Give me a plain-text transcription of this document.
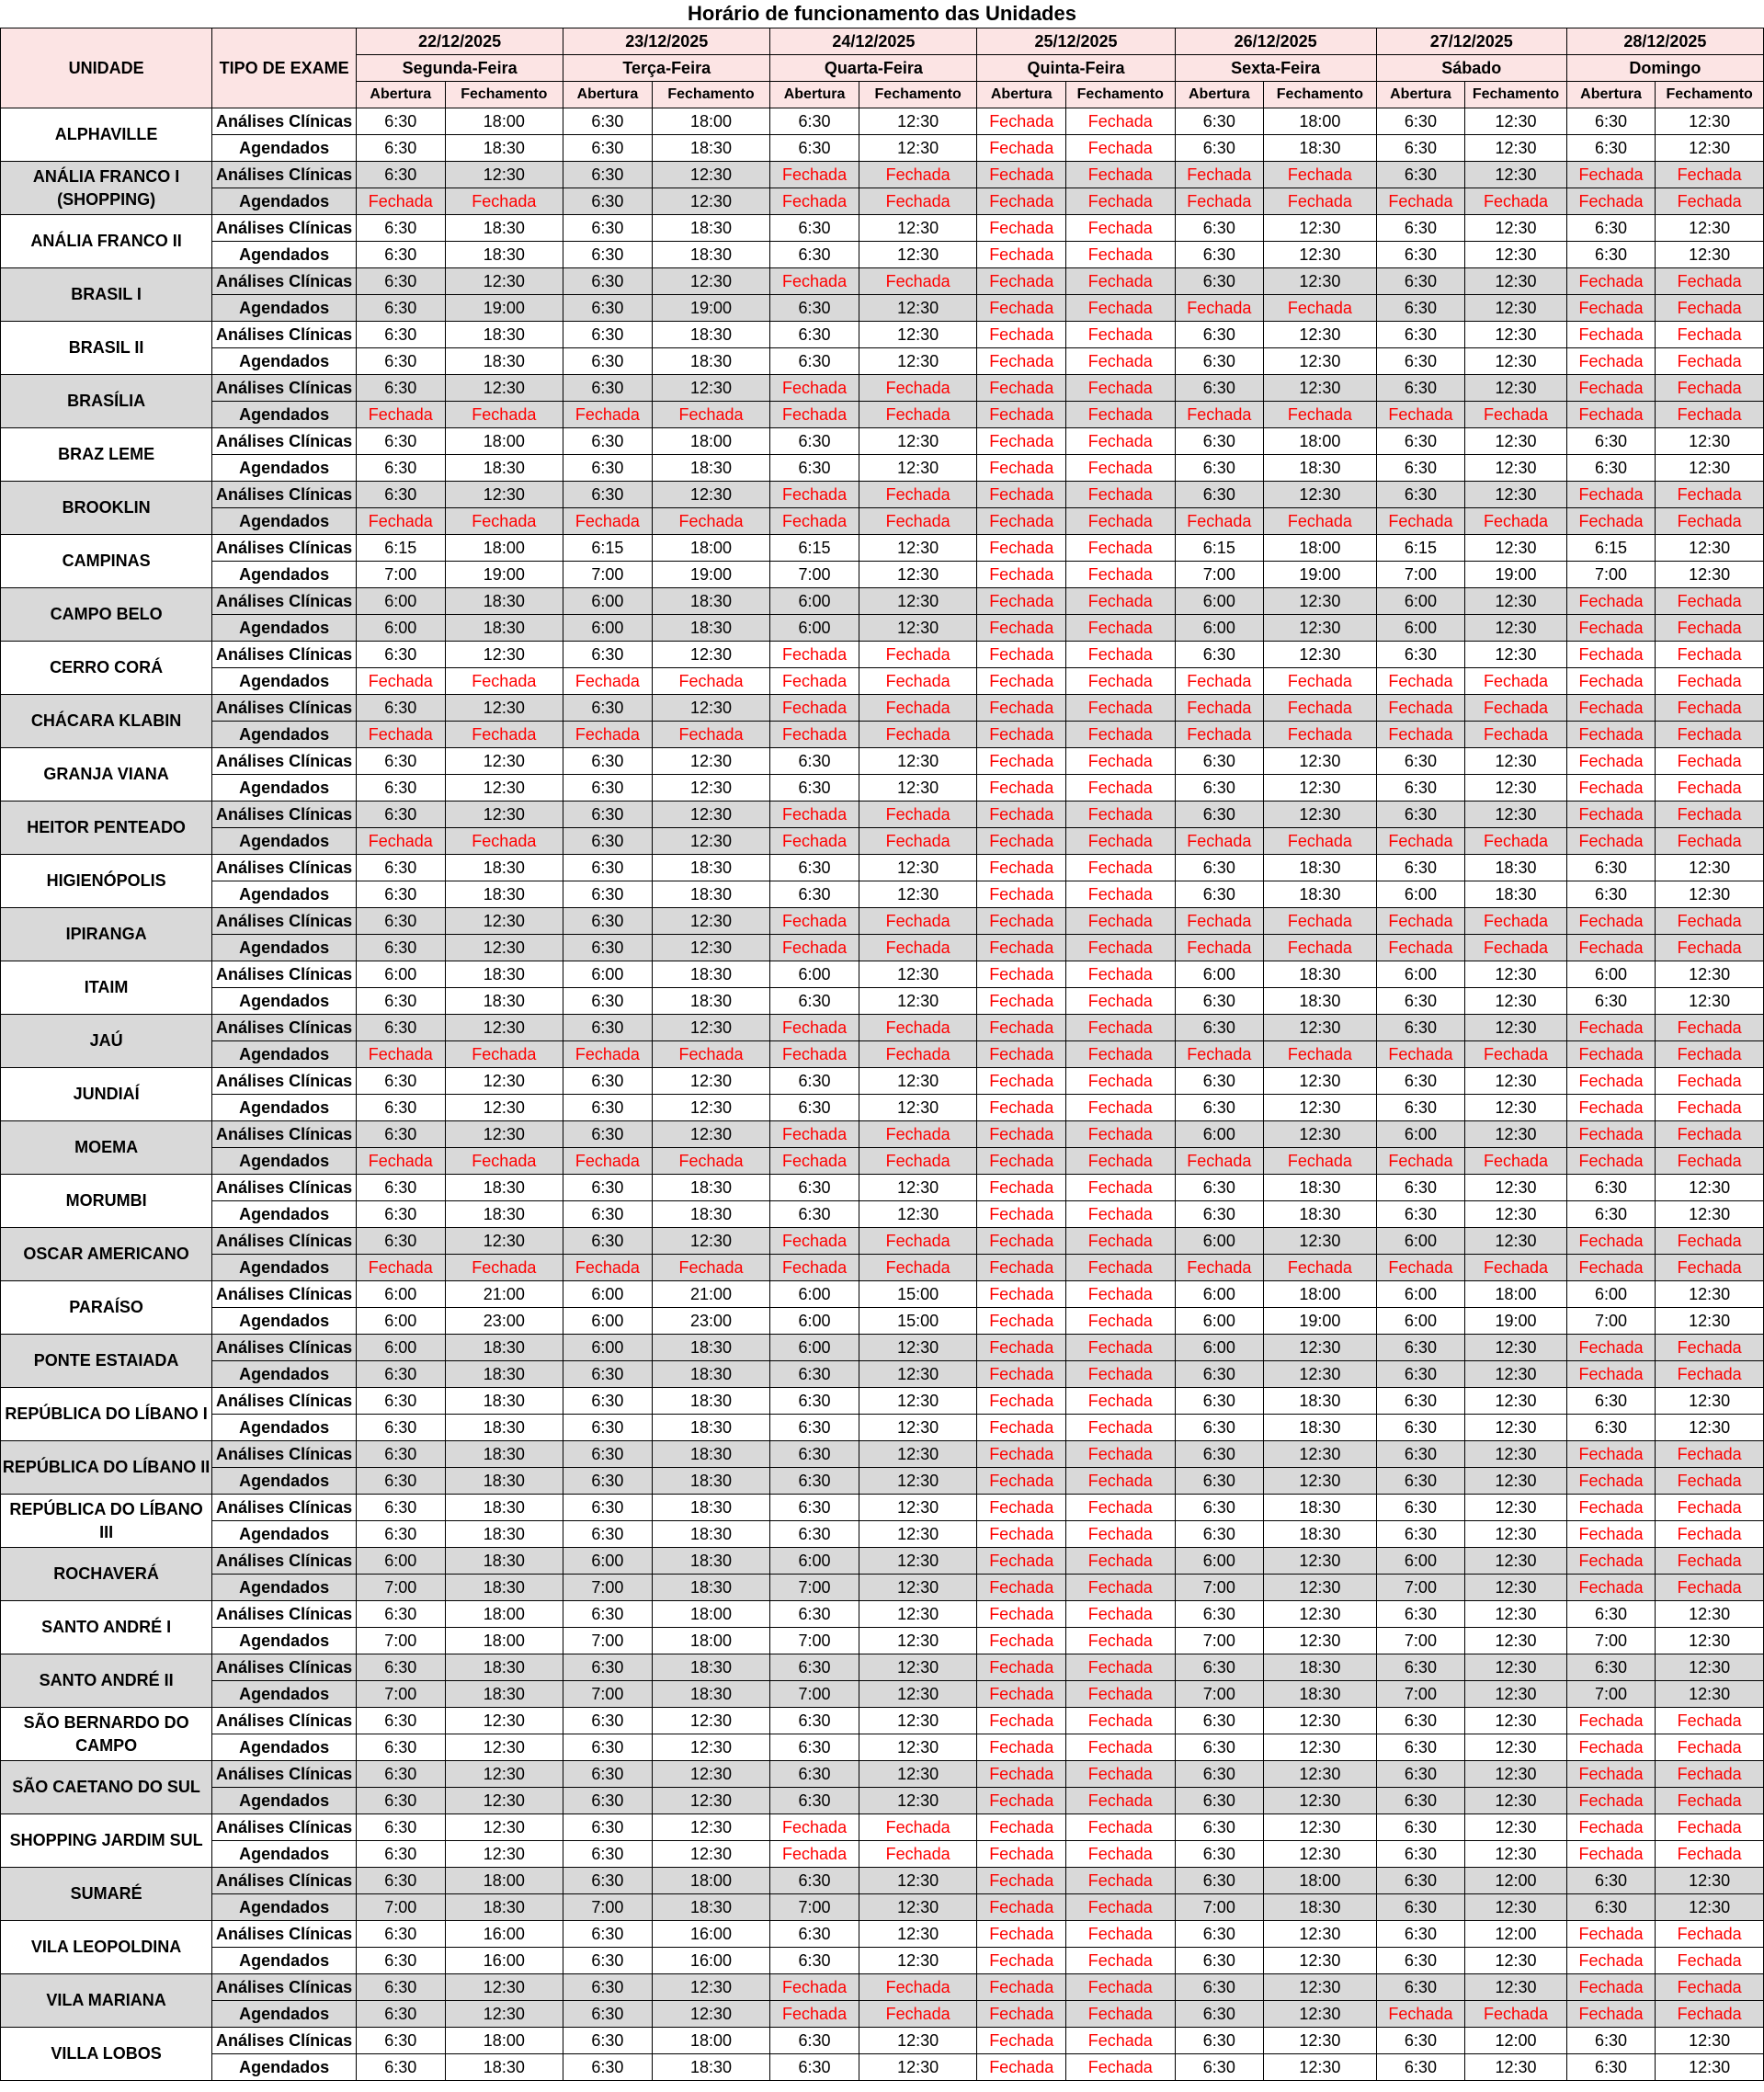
Horário de funcionamento das Unidades
UNIDADE	TIPO DE EXAME	22/12/2025		23/12/2025		24/12/2025		25/12/2025		26/12/2025		27/12/2025		28/12/2025	
		Segunda-Feira		Terça-Feira		Quarta-Feira		Quinta-Feira		Sexta-Feira		Sábado		Domingo	
		Abertura	Fechamento	Abertura	Fechamento	Abertura	Fechamento	Abertura	Fechamento	Abertura	Fechamento	Abertura	Fechamento	Abertura	Fechamento
ALPHAVILLE	Análises Clínicas	6:30	18:00	6:30	18:00	6:30	12:30	Fechada	Fechada	6:30	18:00	6:30	12:30	6:30	12:30
	Agendados	6:30	18:30	6:30	18:30	6:30	12:30	Fechada	Fechada	6:30	18:30	6:30	12:30	6:30	12:30
ANÁLIA FRANCO I (SHOPPING)	Análises Clínicas	6:30	12:30	6:30	12:30	Fechada	Fechada	Fechada	Fechada	Fechada	Fechada	6:30	12:30	Fechada	Fechada
	Agendados	Fechada	Fechada	6:30	12:30	Fechada	Fechada	Fechada	Fechada	Fechada	Fechada	Fechada	Fechada	Fechada	Fechada
ANÁLIA FRANCO II	Análises Clínicas	6:30	18:30	6:30	18:30	6:30	12:30	Fechada	Fechada	6:30	12:30	6:30	12:30	6:30	12:30
	Agendados	6:30	18:30	6:30	18:30	6:30	12:30	Fechada	Fechada	6:30	12:30	6:30	12:30	6:30	12:30
BRASIL I	Análises Clínicas	6:30	12:30	6:30	12:30	Fechada	Fechada	Fechada	Fechada	6:30	12:30	6:30	12:30	Fechada	Fechada
	Agendados	6:30	19:00	6:30	19:00	6:30	12:30	Fechada	Fechada	Fechada	Fechada	6:30	12:30	Fechada	Fechada
BRASIL II	Análises Clínicas	6:30	18:30	6:30	18:30	6:30	12:30	Fechada	Fechada	6:30	12:30	6:30	12:30	Fechada	Fechada
	Agendados	6:30	18:30	6:30	18:30	6:30	12:30	Fechada	Fechada	6:30	12:30	6:30	12:30	Fechada	Fechada
BRASÍLIA	Análises Clínicas	6:30	12:30	6:30	12:30	Fechada	Fechada	Fechada	Fechada	6:30	12:30	6:30	12:30	Fechada	Fechada
	Agendados	Fechada	Fechada	Fechada	Fechada	Fechada	Fechada	Fechada	Fechada	Fechada	Fechada	Fechada	Fechada	Fechada	Fechada
BRAZ LEME	Análises Clínicas	6:30	18:00	6:30	18:00	6:30	12:30	Fechada	Fechada	6:30	18:00	6:30	12:30	6:30	12:30
	Agendados	6:30	18:30	6:30	18:30	6:30	12:30	Fechada	Fechada	6:30	18:30	6:30	12:30	6:30	12:30
BROOKLIN	Análises Clínicas	6:30	12:30	6:30	12:30	Fechada	Fechada	Fechada	Fechada	6:30	12:30	6:30	12:30	Fechada	Fechada
	Agendados	Fechada	Fechada	Fechada	Fechada	Fechada	Fechada	Fechada	Fechada	Fechada	Fechada	Fechada	Fechada	Fechada	Fechada
CAMPINAS	Análises Clínicas	6:15	18:00	6:15	18:00	6:15	12:30	Fechada	Fechada	6:15	18:00	6:15	12:30	6:15	12:30
	Agendados	7:00	19:00	7:00	19:00	7:00	12:30	Fechada	Fechada	7:00	19:00	7:00	19:00	7:00	12:30
CAMPO BELO	Análises Clínicas	6:00	18:30	6:00	18:30	6:00	12:30	Fechada	Fechada	6:00	12:30	6:00	12:30	Fechada	Fechada
	Agendados	6:00	18:30	6:00	18:30	6:00	12:30	Fechada	Fechada	6:00	12:30	6:00	12:30	Fechada	Fechada
CERRO CORÁ	Análises Clínicas	6:30	12:30	6:30	12:30	Fechada	Fechada	Fechada	Fechada	6:30	12:30	6:30	12:30	Fechada	Fechada
	Agendados	Fechada	Fechada	Fechada	Fechada	Fechada	Fechada	Fechada	Fechada	Fechada	Fechada	Fechada	Fechada	Fechada	Fechada
CHÁCARA KLABIN	Análises Clínicas	6:30	12:30	6:30	12:30	Fechada	Fechada	Fechada	Fechada	Fechada	Fechada	Fechada	Fechada	Fechada	Fechada
	Agendados	Fechada	Fechada	Fechada	Fechada	Fechada	Fechada	Fechada	Fechada	Fechada	Fechada	Fechada	Fechada	Fechada	Fechada
GRANJA VIANA	Análises Clínicas	6:30	12:30	6:30	12:30	6:30	12:30	Fechada	Fechada	6:30	12:30	6:30	12:30	Fechada	Fechada
	Agendados	6:30	12:30	6:30	12:30	6:30	12:30	Fechada	Fechada	6:30	12:30	6:30	12:30	Fechada	Fechada
HEITOR PENTEADO	Análises Clínicas	6:30	12:30	6:30	12:30	Fechada	Fechada	Fechada	Fechada	6:30	12:30	6:30	12:30	Fechada	Fechada
	Agendados	Fechada	Fechada	6:30	12:30	Fechada	Fechada	Fechada	Fechada	Fechada	Fechada	Fechada	Fechada	Fechada	Fechada
HIGIENÓPOLIS	Análises Clínicas	6:30	18:30	6:30	18:30	6:30	12:30	Fechada	Fechada	6:30	18:30	6:30	18:30	6:30	12:30
	Agendados	6:30	18:30	6:30	18:30	6:30	12:30	Fechada	Fechada	6:30	18:30	6:00	18:30	6:30	12:30
IPIRANGA	Análises Clínicas	6:30	12:30	6:30	12:30	Fechada	Fechada	Fechada	Fechada	Fechada	Fechada	Fechada	Fechada	Fechada	Fechada
	Agendados	6:30	12:30	6:30	12:30	Fechada	Fechada	Fechada	Fechada	Fechada	Fechada	Fechada	Fechada	Fechada	Fechada
ITAIM	Análises Clínicas	6:00	18:30	6:00	18:30	6:00	12:30	Fechada	Fechada	6:00	18:30	6:00	12:30	6:00	12:30
	Agendados	6:30	18:30	6:30	18:30	6:30	12:30	Fechada	Fechada	6:30	18:30	6:30	12:30	6:30	12:30
JAÚ	Análises Clínicas	6:30	12:30	6:30	12:30	Fechada	Fechada	Fechada	Fechada	6:30	12:30	6:30	12:30	Fechada	Fechada
	Agendados	Fechada	Fechada	Fechada	Fechada	Fechada	Fechada	Fechada	Fechada	Fechada	Fechada	Fechada	Fechada	Fechada	Fechada
JUNDIAÍ	Análises Clínicas	6:30	12:30	6:30	12:30	6:30	12:30	Fechada	Fechada	6:30	12:30	6:30	12:30	Fechada	Fechada
	Agendados	6:30	12:30	6:30	12:30	6:30	12:30	Fechada	Fechada	6:30	12:30	6:30	12:30	Fechada	Fechada
MOEMA	Análises Clínicas	6:30	12:30	6:30	12:30	Fechada	Fechada	Fechada	Fechada	6:00	12:30	6:00	12:30	Fechada	Fechada
	Agendados	Fechada	Fechada	Fechada	Fechada	Fechada	Fechada	Fechada	Fechada	Fechada	Fechada	Fechada	Fechada	Fechada	Fechada
MORUMBI	Análises Clínicas	6:30	18:30	6:30	18:30	6:30	12:30	Fechada	Fechada	6:30	18:30	6:30	12:30	6:30	12:30
	Agendados	6:30	18:30	6:30	18:30	6:30	12:30	Fechada	Fechada	6:30	18:30	6:30	12:30	6:30	12:30
OSCAR AMERICANO	Análises Clínicas	6:30	12:30	6:30	12:30	Fechada	Fechada	Fechada	Fechada	6:00	12:30	6:00	12:30	Fechada	Fechada
	Agendados	Fechada	Fechada	Fechada	Fechada	Fechada	Fechada	Fechada	Fechada	Fechada	Fechada	Fechada	Fechada	Fechada	Fechada
PARAÍSO	Análises Clínicas	6:00	21:00	6:00	21:00	6:00	15:00	Fechada	Fechada	6:00	18:00	6:00	18:00	6:00	12:30
	Agendados	6:00	23:00	6:00	23:00	6:00	15:00	Fechada	Fechada	6:00	19:00	6:00	19:00	7:00	12:30
PONTE ESTAIADA	Análises Clínicas	6:00	18:30	6:00	18:30	6:00	12:30	Fechada	Fechada	6:00	12:30	6:30	12:30	Fechada	Fechada
	Agendados	6:30	18:30	6:30	18:30	6:30	12:30	Fechada	Fechada	6:30	12:30	6:30	12:30	Fechada	Fechada
REPÚBLICA DO LÍBANO I	Análises Clínicas	6:30	18:30	6:30	18:30	6:30	12:30	Fechada	Fechada	6:30	18:30	6:30	12:30	6:30	12:30
	Agendados	6:30	18:30	6:30	18:30	6:30	12:30	Fechada	Fechada	6:30	18:30	6:30	12:30	6:30	12:30
REPÚBLICA DO LÍBANO II	Análises Clínicas	6:30	18:30	6:30	18:30	6:30	12:30	Fechada	Fechada	6:30	12:30	6:30	12:30	Fechada	Fechada
	Agendados	6:30	18:30	6:30	18:30	6:30	12:30	Fechada	Fechada	6:30	12:30	6:30	12:30	Fechada	Fechada
REPÚBLICA DO LÍBANO III	Análises Clínicas	6:30	18:30	6:30	18:30	6:30	12:30	Fechada	Fechada	6:30	18:30	6:30	12:30	Fechada	Fechada
	Agendados	6:30	18:30	6:30	18:30	6:30	12:30	Fechada	Fechada	6:30	18:30	6:30	12:30	Fechada	Fechada
ROCHAVERÁ	Análises Clínicas	6:00	18:30	6:00	18:30	6:00	12:30	Fechada	Fechada	6:00	12:30	6:00	12:30	Fechada	Fechada
	Agendados	7:00	18:30	7:00	18:30	7:00	12:30	Fechada	Fechada	7:00	12:30	7:00	12:30	Fechada	Fechada
SANTO ANDRÉ I	Análises Clínicas	6:30	18:00	6:30	18:00	6:30	12:30	Fechada	Fechada	6:30	12:30	6:30	12:30	6:30	12:30
	Agendados	7:00	18:00	7:00	18:00	7:00	12:30	Fechada	Fechada	7:00	12:30	7:00	12:30	7:00	12:30
SANTO ANDRÉ II	Análises Clínicas	6:30	18:30	6:30	18:30	6:30	12:30	Fechada	Fechada	6:30	18:30	6:30	12:30	6:30	12:30
	Agendados	7:00	18:30	7:00	18:30	7:00	12:30	Fechada	Fechada	7:00	18:30	7:00	12:30	7:00	12:30
SÃO BERNARDO DO CAMPO	Análises Clínicas	6:30	12:30	6:30	12:30	6:30	12:30	Fechada	Fechada	6:30	12:30	6:30	12:30	Fechada	Fechada
	Agendados	6:30	12:30	6:30	12:30	6:30	12:30	Fechada	Fechada	6:30	12:30	6:30	12:30	Fechada	Fechada
SÃO CAETANO DO SUL	Análises Clínicas	6:30	12:30	6:30	12:30	6:30	12:30	Fechada	Fechada	6:30	12:30	6:30	12:30	Fechada	Fechada
	Agendados	6:30	12:30	6:30	12:30	6:30	12:30	Fechada	Fechada	6:30	12:30	6:30	12:30	Fechada	Fechada
SHOPPING JARDIM SUL	Análises Clínicas	6:30	12:30	6:30	12:30	Fechada	Fechada	Fechada	Fechada	6:30	12:30	6:30	12:30	Fechada	Fechada
	Agendados	6:30	12:30	6:30	12:30	Fechada	Fechada	Fechada	Fechada	6:30	12:30	6:30	12:30	Fechada	Fechada
SUMARÉ	Análises Clínicas	6:30	18:00	6:30	18:00	6:30	12:30	Fechada	Fechada	6:30	18:00	6:30	12:00	6:30	12:30
	Agendados	7:00	18:30	7:00	18:30	7:00	12:30	Fechada	Fechada	7:00	18:30	6:30	12:30	6:30	12:30
VILA LEOPOLDINA	Análises Clínicas	6:30	16:00	6:30	16:00	6:30	12:30	Fechada	Fechada	6:30	12:30	6:30	12:00	Fechada	Fechada
	Agendados	6:30	16:00	6:30	16:00	6:30	12:30	Fechada	Fechada	6:30	12:30	6:30	12:30	Fechada	Fechada
VILA MARIANA	Análises Clínicas	6:30	12:30	6:30	12:30	Fechada	Fechada	Fechada	Fechada	6:30	12:30	6:30	12:30	Fechada	Fechada
	Agendados	6:30	12:30	6:30	12:30	Fechada	Fechada	Fechada	Fechada	6:30	12:30	Fechada	Fechada	Fechada	Fechada
VILLA LOBOS	Análises Clínicas	6:30	18:00	6:30	18:00	6:30	12:30	Fechada	Fechada	6:30	12:30	6:30	12:00	6:30	12:30
	Agendados	6:30	18:30	6:30	18:30	6:30	12:30	Fechada	Fechada	6:30	12:30	6:30	12:30	6:30	12:30
